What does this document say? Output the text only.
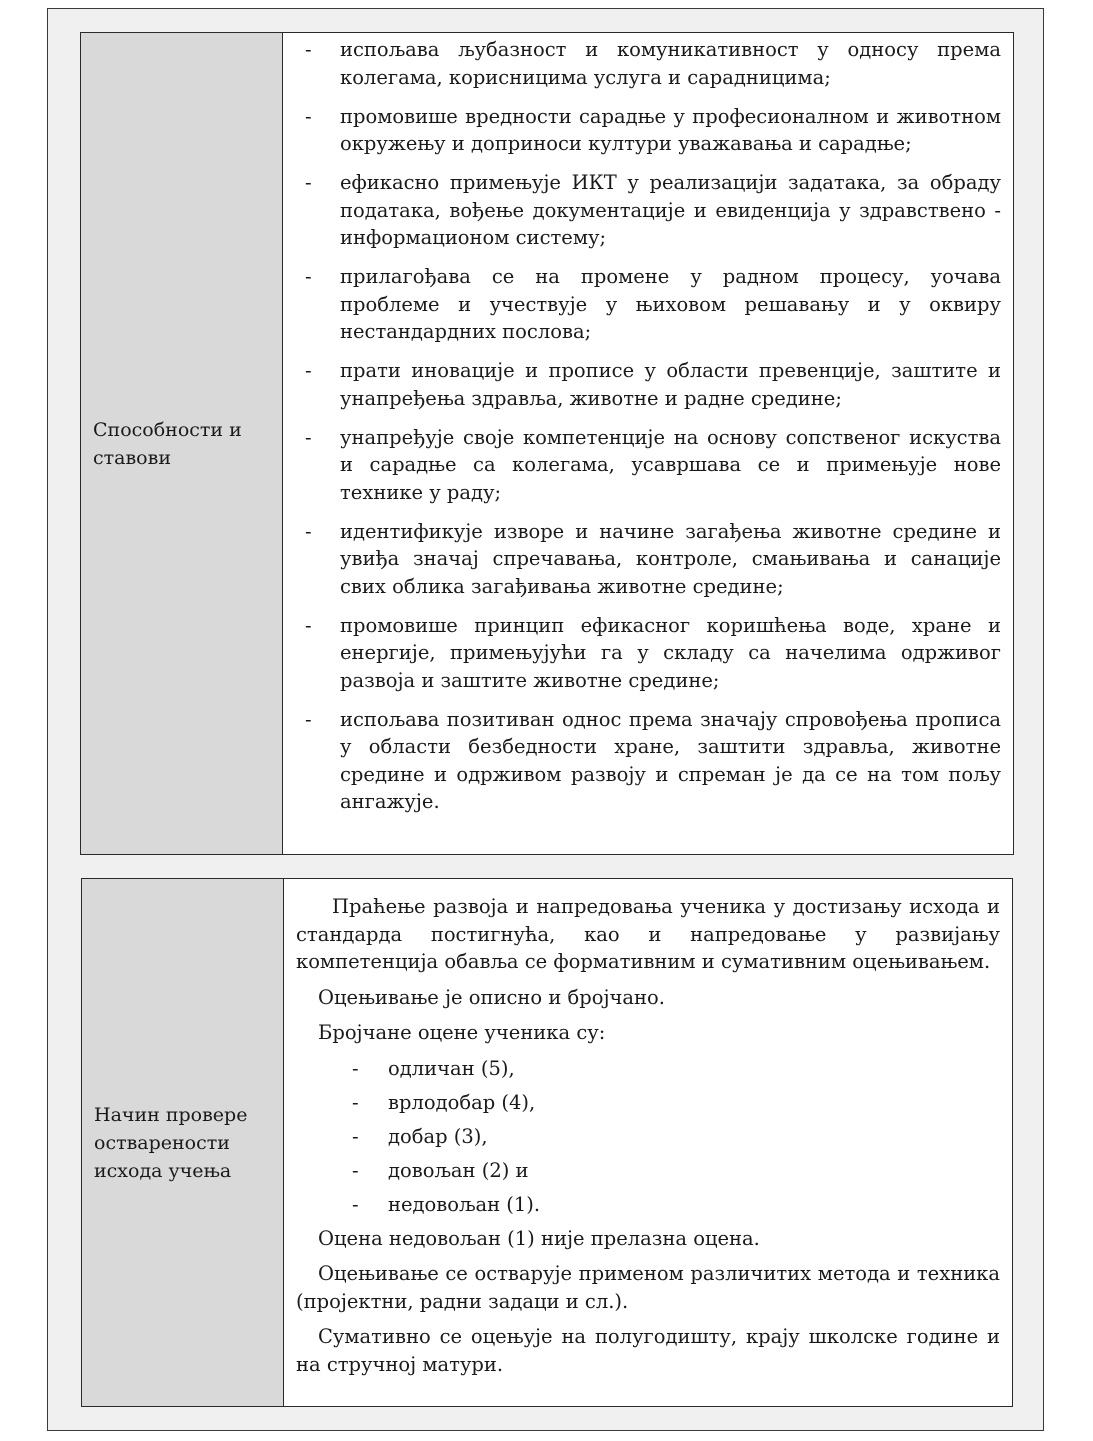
Способности и ставови
- испољава љубазност и комуникативност у односу према колегама, корисницима услуга и сарадницима;
- промовише вредности сарадње у професионалном и животном окружењу и доприноси култури уважавања и сарадње;
- ефикасно примењује ИКТ у реализацији задатака, за обраду података, вођење документације и евиденција у здравствено - информационом систему;
- прилагођава се на промене у радном процесу, уочава проблеме и учествује у њиховом решавању и у оквиру нестандардних послова;
- прати иновације и прописе у области превенције, заштите и унапређења здравља, животне и радне средине;
- унапређује своје компетенције на основу сопственог искуства и сарадње са колегама, усавршава се и примењује нове технике у раду;
- идентификује изворе и начине загађења животне средине и увиђа значај спречавања, контроле, смањивања и санације свих облика загађивања животне средине;
- промовише принцип ефикасног коришћења воде, хране и енергије, примењујући га у складу са начелима одрживог развоја и заштите животне средине;
- испољава позитиван однос према значају спровођења прописа у области безбедности хране, заштити здравља, животне средине и одрживом развоју и спреман је да се на том пољу ангажује.
Начин провере остварености исхода учења

Праћење развоја и напредовања ученика у достизању исхода и стандарда постигнућа, као и напредовање у развијању компетенција обавља се формативним и сумативним оцењивањем.

Оцењивање је описно и бројчано.

Бројчане оцене ученика су:

- одличан (5),
- врлодобар (4),
- добар (3),
- довољан (2) и
- недовољан (1).

Оцена недовољан (1) није прелазна оцена.

Оцењивање се остварује применом различитих метода и техника (пројектни, радни задаци и сл.).

Сумативно се оцењује на полугодишту, крају школске године и на стручној матури.
